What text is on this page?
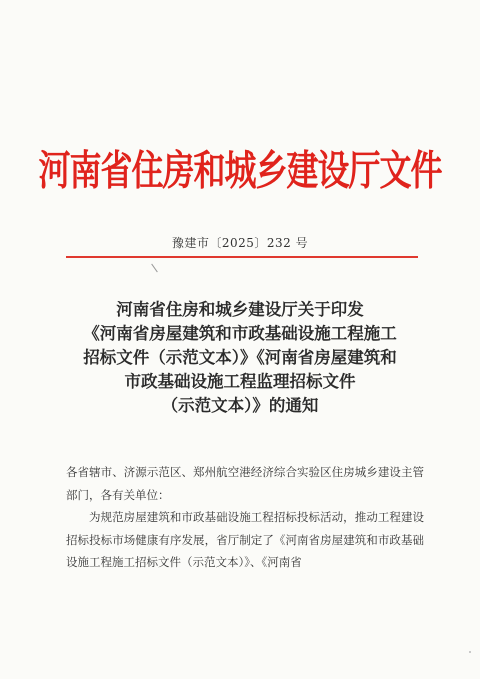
河南省住房和城乡建设厅文件
豫建市〔2025〕232 号
河南省住房和城乡建设厅关于印发
《河南省房屋建筑和市政基础设施工程施工
招标文件（示范文本）》《河南省房屋建筑和
市政基础设施工程监理招标文件
（示范文本）》的通知

各省辖市、济源示范区、郑州航空港经济综合实验区住房城乡建设主管部门，各有关单位：

为规范房屋建筑和市政基础设施工程招标投标活动，推动工程建设招标投标市场健康有序发展，省厅制定了《河南省房屋建筑和市政基础设施工程施工招标文件（示范文本）》、《河南省
